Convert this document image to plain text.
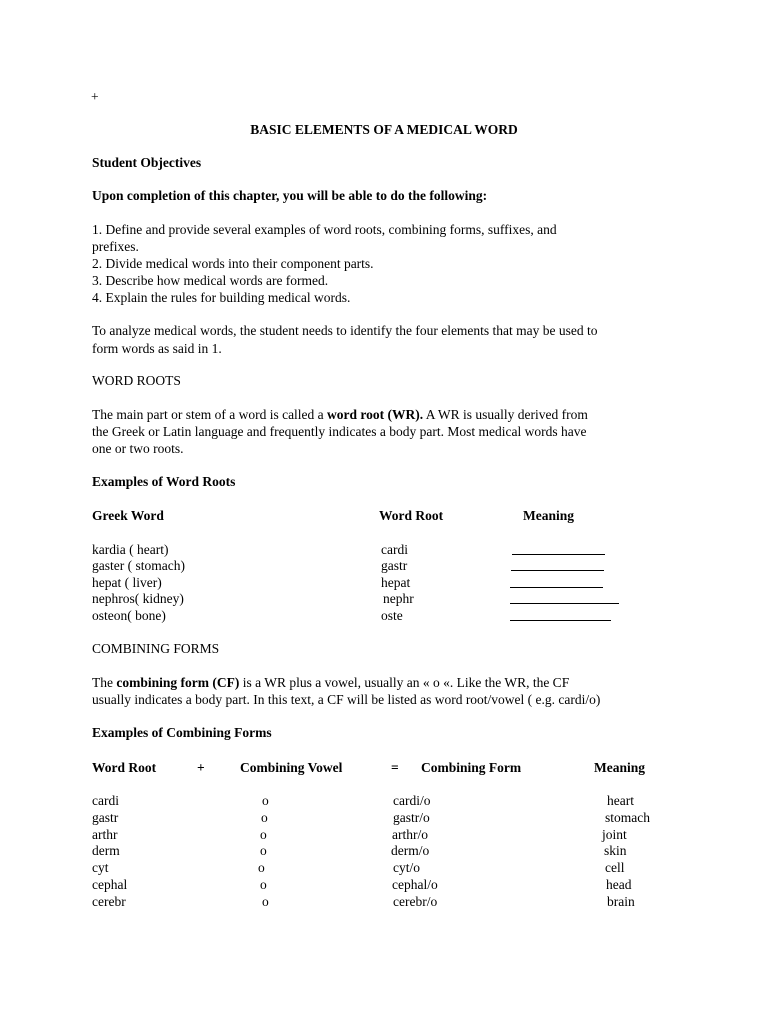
+
BASIC ELEMENTS OF A MEDICAL WORD
Student Objectives
Upon completion of this chapter, you will be able to do the following:
1. Define and provide several examples of word roots, combining forms, suffixes, and
prefixes.
2. Divide medical words into their component parts.
3. Describe how medical words are formed.
4. Explain the rules for building medical words.
To analyze medical words, the student needs to identify the four elements that may be used to
form words as said in 1.
WORD ROOTS
The main part or stem of a word is called a word root (WR). A WR is usually derived from
the Greek or Latin language and frequently indicates a body part. Most medical words have
one or two roots.
Examples of Word Roots
Greek Word	Word Root	Meaning
kardia ( heart)	cardi
gaster ( stomach)	gastr
hepat ( liver)	hepat
nephros( kidney)	nephr
osteon( bone)	oste
COMBINING FORMS
The combining form (CF) is a WR plus a vowel, usually an « o «. Like the WR, the CF
usually indicates a body part. In this text, a CF will be listed as word root/vowel ( e.g. cardi/o)
Examples of Combining Forms
Word Root	+	Combining Vowel	= Combining Form	Meaning
cardi	o	cardi/o	heart
gastr	o	gastr/o	stomach
arthr	o	arthr/o	joint
derm	o	derm/o	skin
cyt	o	cyt/o	cell
cephal	o	cephal/o	head
cerebr	o	cerebr/o	brain
